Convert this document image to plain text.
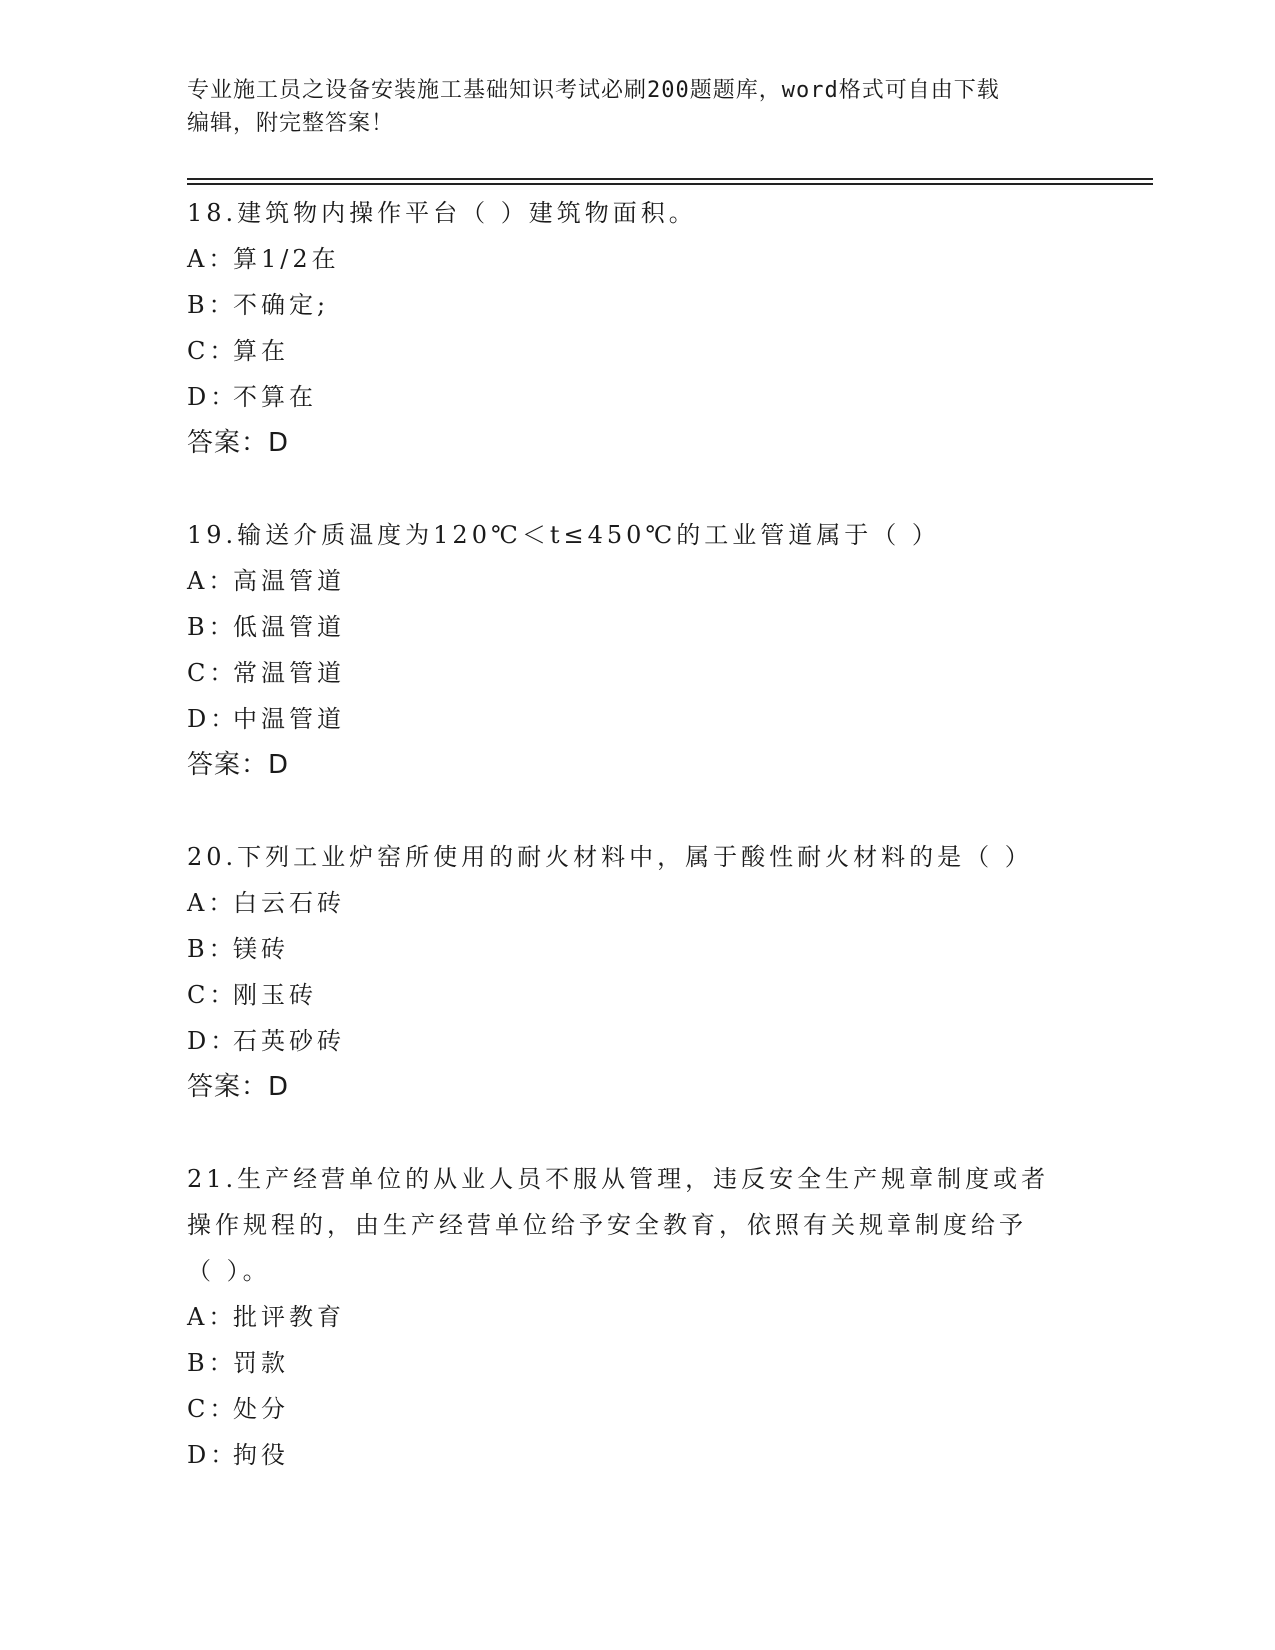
专业施工员之设备安装施工基础知识考试必刷200题题库，word格式可自由下载
编辑，附完整答案！
18.建筑物内操作平台（ ）建筑物面积。
A：算1/2在
B：不确定;
C：算在
D：不算在
答案：D
19.输送介质温度为120℃＜t≤450℃的工业管道属于（ ）
A：高温管道
B：低温管道
C：常温管道
D：中温管道
答案：D
20.下列工业炉窑所使用的耐火材料中，属于酸性耐火材料的是（ ）
A：白云石砖
B：镁砖
C：刚玉砖
D：石英砂砖
答案：D
21.生产经营单位的从业人员不服从管理，违反安全生产规章制度或者
操作规程的，由生产经营单位给予安全教育，依照有关规章制度给予
（ ）。
A：批评教育
B：罚款
C：处分
D：拘役
